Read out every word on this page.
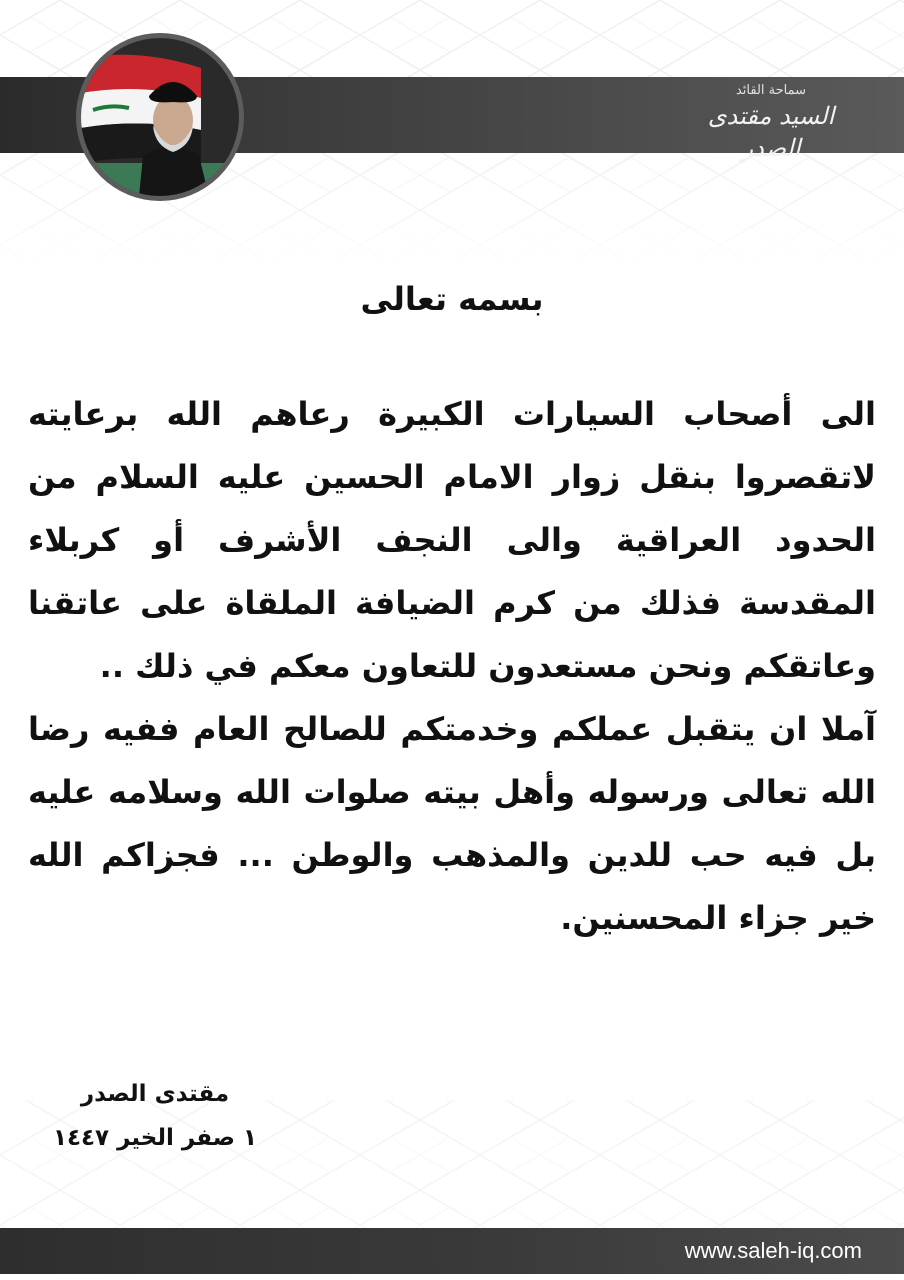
سماحة القائد
السيد مقتدى الصدر
بسمه تعالى
الى أصحاب السيارات الكبيرة رعاهم الله برعايته لاتقصروا بنقل زوار الامام الحسين عليه السلام من الحدود العراقية والى النجف الأشرف أو كربلاء المقدسة فذلك من كرم الضيافة الملقاة على عاتقنا وعاتقكم ونحن مستعدون للتعاون معكم في ذلك ..
آملا ان يتقبل عملكم وخدمتكم للصالح العام ففيه رضا الله تعالى ورسوله وأهل بيته صلوات الله وسلامه عليه بل فيه حب للدين والمذهب والوطن ... فجزاكم الله خير جزاء المحسنين.
مقتدى الصدر
١ صفر الخير ١٤٤٧
www.saleh-iq.com
